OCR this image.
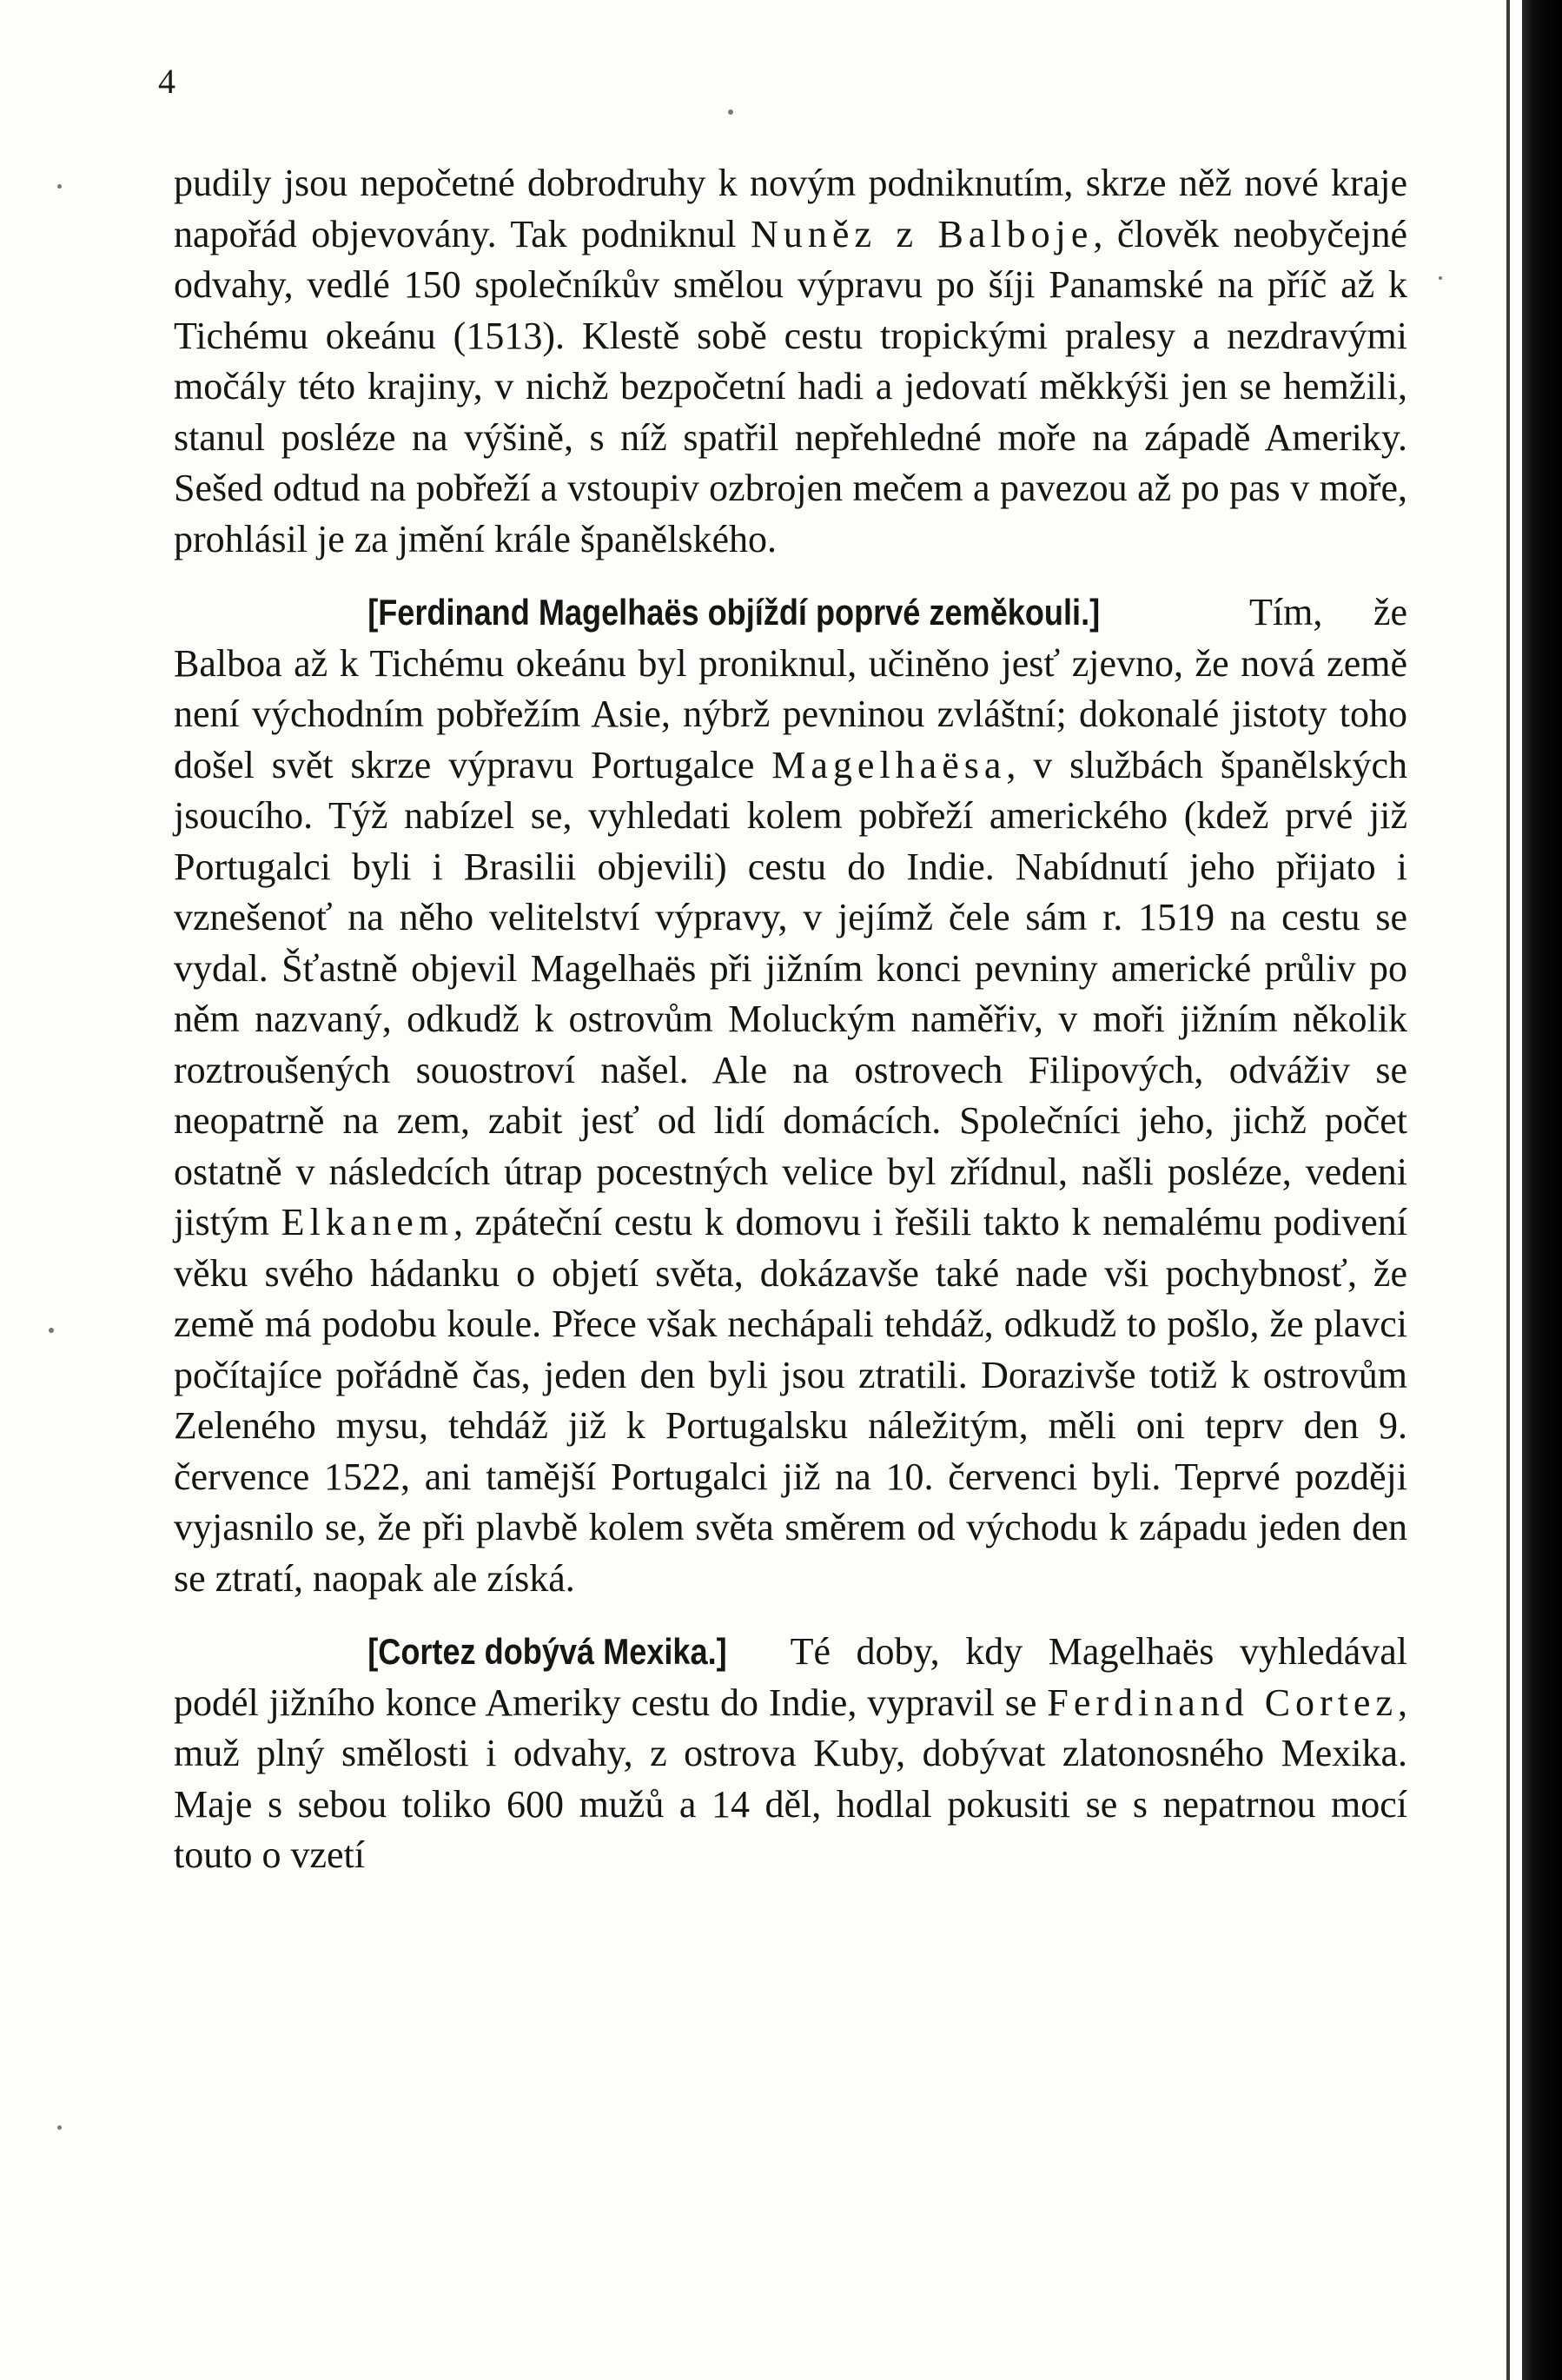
4

pudily jsou nepočetné dobrodruhy k novým podniknutím, skrze něž nové kraje napořád objevovány. Tak podniknul Nuněz z Balboje, člověk neobyčejné odvahy, vedlé 150 společníkův smělou výpravu po šíji Panamské na příč až k Tichému okeánu (1513). Klestě sobě cestu tropickými pralesy a nezdravými močály této krajiny, v nichž bezpočetní hadi a jedovatí měkkýši jen se hemžili, stanul posléze na výšině, s níž spatřil nepřehledné moře na západě Ameriky. Sešed odtud na pobřeží a vstoupiv ozbrojen mečem a pavezou až po pas v moře, prohlásil je za jmění krále španělského.

[Ferdinand Magelhaës objíždí poprvé zeměkouli.]	Tím, že Balboa až k Tichému okeánu byl proniknul, učiněno jesť zjevno, že nová země není východním pobřežím Asie, nýbrž pevninou zvláštní; dokonalé jistoty toho došel svět skrze výpravu Portugalce Magelhaësa, v službách španělských jsoucího. Týž nabízel se, vyhledati kolem pobřeží amerického (kdež prvé již Portugalci byli i Brasilii objevili) cestu do Indie. Nabídnutí jeho přijato i vznešenoť na něho velitelství výpravy, v jejímž čele sám r. 1519 na cestu se vydal. Šťastně objevil Magelhaës při jižním konci pevniny americké průliv po něm nazvaný, odkudž k ostrovům Moluckým naměřiv, v moři jižním několik roztroušených souostroví našel. Ale na ostrovech Filipových, odváživ se neopatrně na zem, zabit jesť od lidí domácích. Společníci jeho, jichž počet ostatně v následcích útrap pocestných velice byl zřídnul, našli posléze, vedeni jistým Elkanem, zpáteční cestu k domovu i řešili takto k nemalému podivení věku svého hádanku o objetí světa, dokázavše také nade vši pochybnosť, že země má podobu koule. Přece však nechápali tehdáž, odkudž to pošlo, že plavci počítajíce pořádně čas, jeden den byli jsou ztratili. Dorazivše totiž k ostrovům Zeleného mysu, tehdáž již k Portugalsku náležitým, měli oni teprv den 9. července 1522, ani tamější Portugalci již na 10. červenci byli. Teprvé později vyjasnilo se, že při plavbě kolem světa směrem od východu k západu jeden den se ztratí, naopak ale získá.

[Cortez dobývá Mexika.] Té doby, kdy Magelhaës vyhledával podél jižního konce Ameriky cestu do Indie, vypravil se Ferdinand Cortez, muž plný smělosti i odvahy, z ostrova Kuby, dobývat zlatonosného Mexika. Maje s sebou toliko 600 mužů a 14 děl, hodlal pokusiti se s nepatrnou mocí touto o vzetí
